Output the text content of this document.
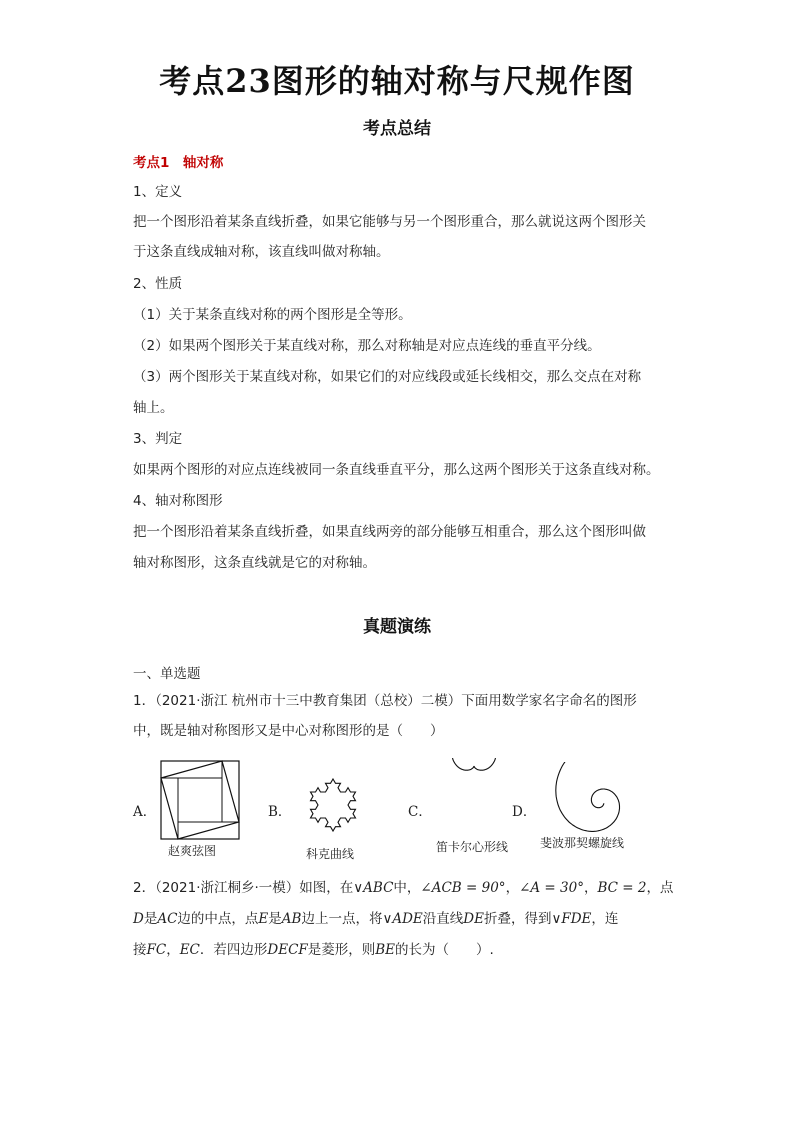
考点23图形的轴对称与尺规作图
考点总结
考点1　轴对称
1、定义
把一个图形沿着某条直线折叠，如果它能够与另一个图形重合，那么就说这两个图形关
于这条直线成轴对称，该直线叫做对称轴。
2、性质
（1）关于某条直线对称的两个图形是全等形。
（2）如果两个图形关于某直线对称，那么对称轴是对应点连线的垂直平分线。
（3）两个图形关于某直线对称，如果它们的对应线段或延长线相交，那么交点在对称
轴上。
3、判定
如果两个图形的对应点连线被同一条直线垂直平分，那么这两个图形关于这条直线对称。
4、轴对称图形
把一个图形沿着某条直线折叠，如果直线两旁的部分能够互相重合，那么这个图形叫做
轴对称图形，这条直线就是它的对称轴。
真题演练
一、单选题
1．（2021·浙江 杭州市十三中教育集团（总校）二模）下面用数学家名字命名的图形
中，既是轴对称图形又是中心对称图形的是（　　）
A．
赵爽弦图
B．
科克曲线
C．
笛卡尔心形线
D．
斐波那契螺旋线
2．（2021·浙江桐乡·一模）如图，在∨ABC中，∠ACB = 90°，∠A = 30°，BC = 2，点
D是AC边的中点，点E是AB边上一点，将∨ADE沿直线DE折叠，得到∨FDE，连
接FC，EC．若四边形DECF是菱形，则BE的长为（　　）.
